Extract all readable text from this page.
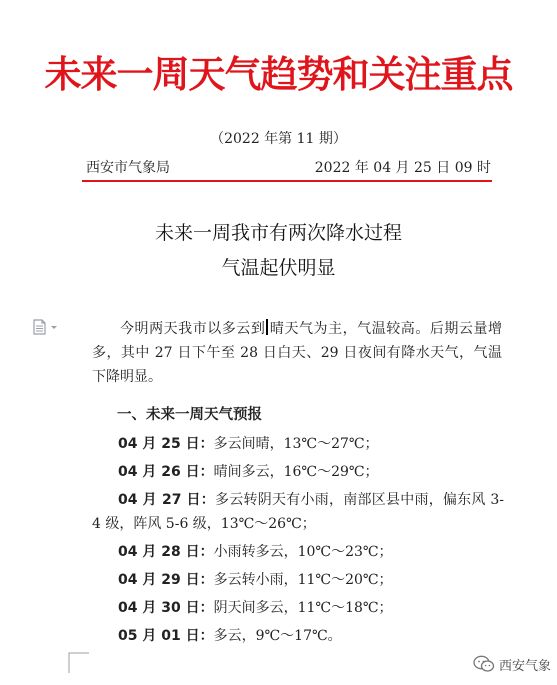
未来一周天气趋势和关注重点
（2022 年第 11 期）
西安市气象局	2022 年 04 月 25 日 09 时
未来一周我市有两次降水过程
气温起伏明显
今明两天我市以多云到 晴天气为主，气温较高。后期云量增多，其中 27 日下午至 28 日白天、29 日夜间有降水天气，气温下降明显。
一、未来一周天气预报
04 月 25 日：多云间晴，13℃～27℃；
04 月 26 日：晴间多云，16℃～29℃；
04 月 27 日：多云转阴天有小雨，南部区县中雨，偏东风 3-4 级，阵风 5-6 级，13℃～26℃；
04 月 28 日：小雨转多云，10℃～23℃；
04 月 29 日：多云转小雨，11℃～20℃；
04 月 30 日：阴天间多云，11℃～18℃；
05 月 01 日：多云，9℃～17℃。
西安气象
